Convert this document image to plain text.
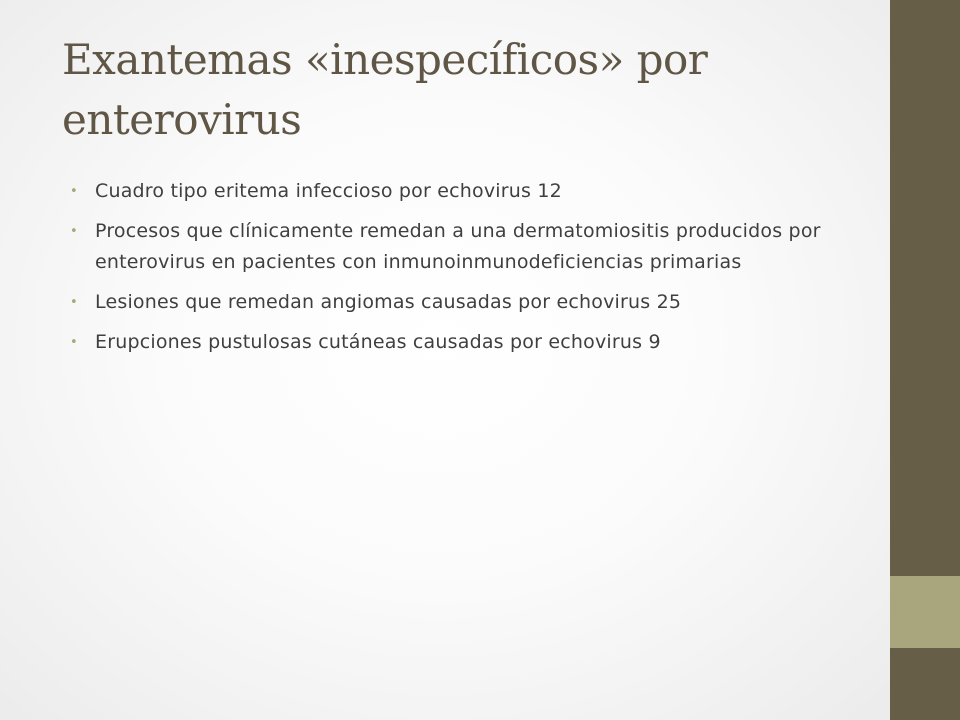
Exantemas «inespecíficos» por enterovirus
• Cuadro tipo eritema infeccioso por echovirus 12
• Procesos que clínicamente remedan a una dermatomiositis producidos por enterovirus en pacientes con inmunoinmunodeficiencias primarias
• Lesiones que remedan angiomas causadas por echovirus 25
• Erupciones pustulosas cutáneas causadas por echovirus 9
